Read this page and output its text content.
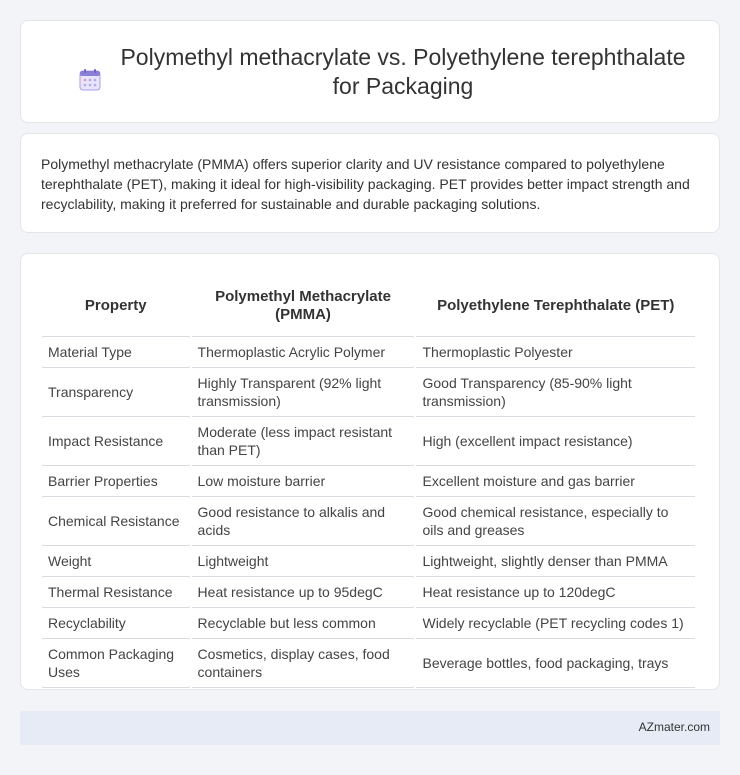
Polymethyl methacrylate vs. Polyethylene terephthalate
for Packaging

Polymethyl methacrylate (PMMA) offers superior clarity and UV resistance compared to polyethylene terephthalate (PET), making it ideal for high-visibility packaging. PET provides better impact strength and recyclability, making it preferred for sustainable and durable packaging solutions.

Property	Polymethyl Methacrylate (PMMA)	Polyethylene Terephthalate (PET)
Material Type	Thermoplastic Acrylic Polymer	Thermoplastic Polyester
Transparency	Highly Transparent (92% light transmission)	Good Transparency (85-90% light transmission)
Impact Resistance	Moderate (less impact resistant than PET)	High (excellent impact resistance)
Barrier Properties	Low moisture barrier	Excellent moisture and gas barrier
Chemical Resistance	Good resistance to alkalis and acids	Good chemical resistance, especially to oils and greases
Weight	Lightweight	Lightweight, slightly denser than PMMA
Thermal Resistance	Heat resistance up to 95degC	Heat resistance up to 120degC
Recyclability	Recyclable but less common	Widely recyclable (PET recycling codes 1)
Common Packaging Uses	Cosmetics, display cases, food containers	Beverage bottles, food packaging, trays
AZmater.com
